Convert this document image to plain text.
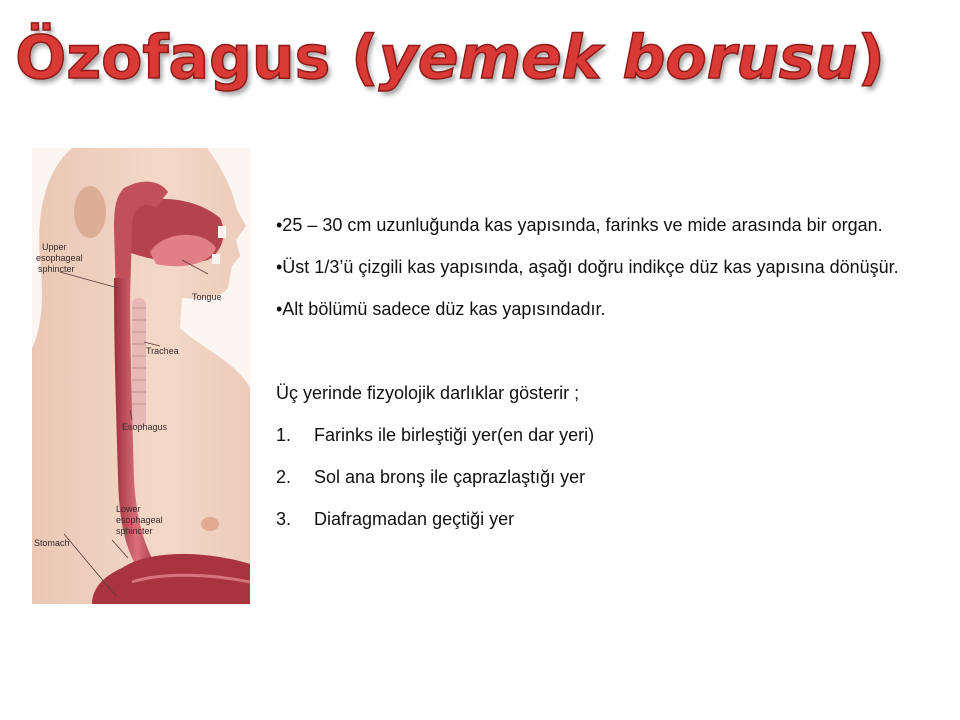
Özofagus (yemek borusu)
Upper
esophageal
sphincter
Tongue
Trachea
Esophagus
Lower
esophageal
sphincter
Stomach

•25 – 30 cm uzunluğunda kas yapısında, farinks ve mide arasında bir organ.

•Üst 1/3’ü çizgili kas yapısında, aşağı doğru indikçe düz kas yapısına dönüşür.

•Alt bölümü sadece düz kas yapısındadır.

Üç yerinde fizyolojik darlıklar gösterir ;

1.	Farinks ile birleştiği yer(en dar yeri)
2.	Sol ana bronş ile çaprazlaştığı yer
3.	Diafragmadan geçtiği yer
